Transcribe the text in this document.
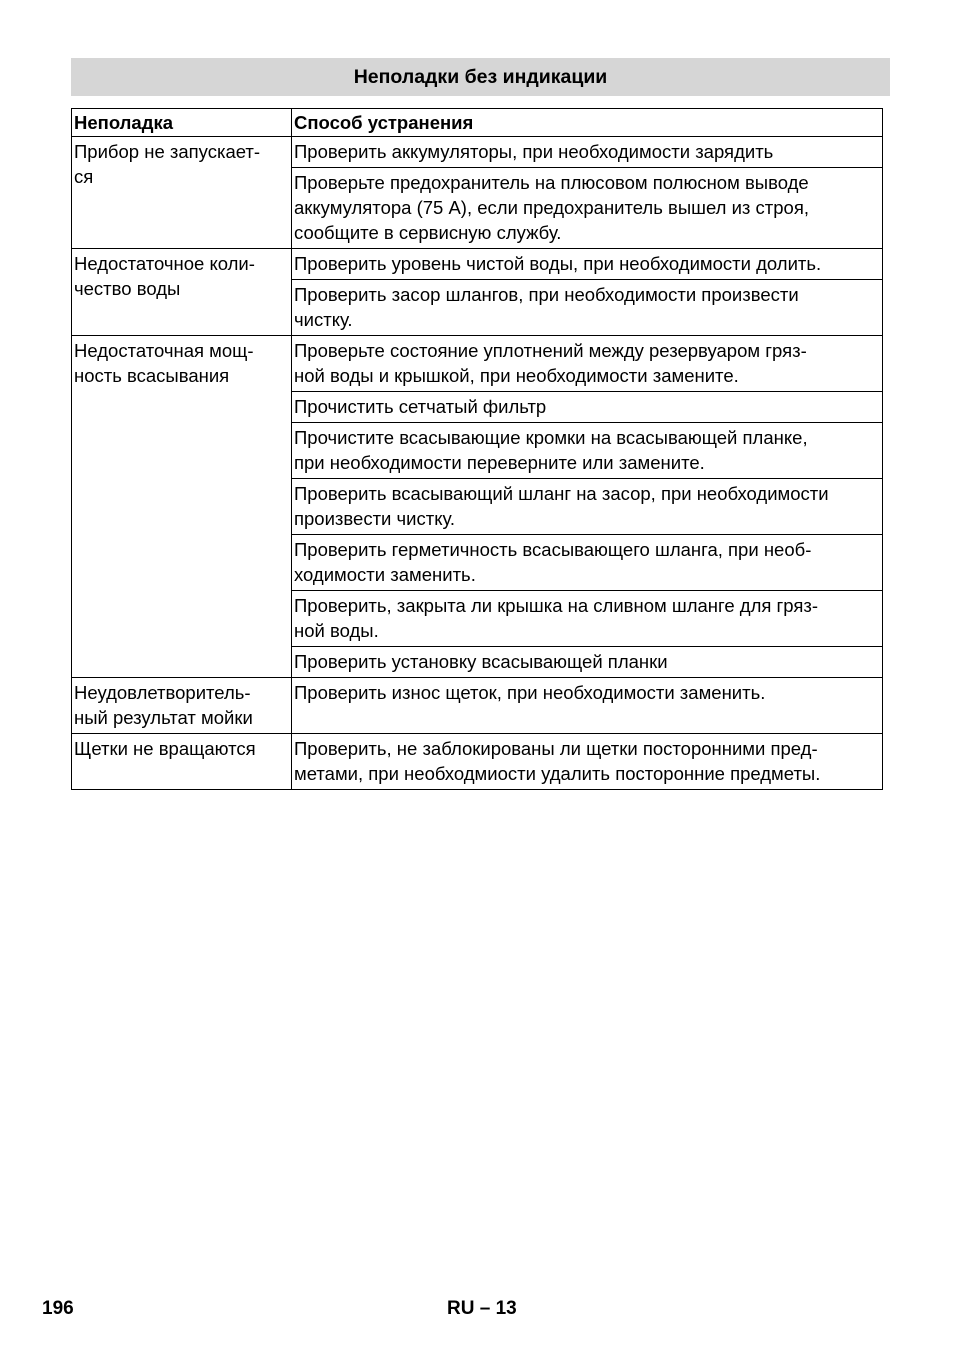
Неполадки без индикации
Неполадка	Способ устранения
Прибор не запускает-
ся	Проверить аккумуляторы, при необходимости зарядить
	Проверьте предохранитель на плюсовом полюсном выводе
аккумулятора (75 А), если предохранитель вышел из строя,
сообщите в сервисную службу.
Недостаточное коли-
чество воды	Проверить уровень чистой воды, при необходимости долить.
	Проверить засор шлангов, при необходимости произвести
чистку.
Недостаточная мощ-
ность всасывания	Проверьте состояние уплотнений между резервуаром гряз-
ной воды и крышкой, при необходимости замените.
	Прочистить сетчатый фильтр
	Прочистите всасывающие кромки на всасывающей планке,
при необходимости переверните или замените.
	Проверить всасывающий шланг на засор, при необходимости
произвести чистку.
	Проверить герметичность всасывающего шланга, при необ-
ходимости заменить.
	Проверить, закрыта ли крышка на сливном шланге для гряз-
ной воды.
	Проверить установку всасывающей планки
Неудовлетворитель-
ный результат мойки	Проверить износ щеток, при необходимости заменить.
Щетки не вращаются	Проверить, не заблокированы ли щетки посторонними пред-
метами, при необходмиости удалить посторонние предметы.
196	RU – 13
